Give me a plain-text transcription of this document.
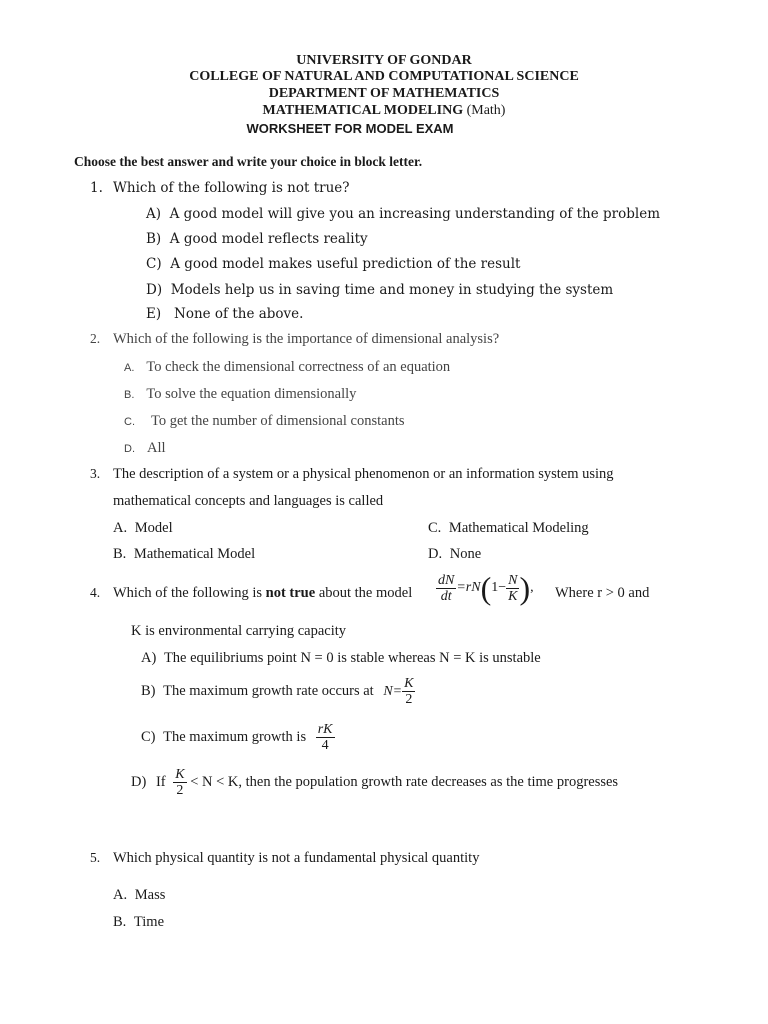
UNIVERSITY OF GONDAR
COLLEGE OF NATURAL AND COMPUTATIONAL SCIENCE
DEPARTMENT OF MATHEMATICS
MATHEMATICAL MODELING (Math)
WORKSHEET FOR MODEL EXAM
Choose the best answer and write your choice in block letter.
1. Which of the following is not true?
A) A good model will give you an increasing understanding of the problem
B) A good model reflects reality
C) A good model makes useful prediction of the result
D) Models help us in saving time and money in studying the system
E) None of the above.
2. Which of the following is the importance of dimensional analysis?
A. To check the dimensional correctness of an equation
B. To solve the equation dimensionally
C. To get the number of dimensional constants
D. All
3. The description of a system or a physical phenomenon or an information system using
mathematical concepts and languages is called
A. Model
B. Mathematical Model
C. Mathematical Modeling
D. None
4. Which of the following is not true about the model $\frac{dN}{dt} =rN(1- \frac{N}{K}$ ), Where r > 0 and
K is environmental carrying capacity
A) The equilibriums point N = 0 is stable whereas N = K is unstable
B) The maximum growth rate occurs at $N= \frac{K}{2}$
C) The maximum growth is $\frac{rK}{4}$
D) If $\frac{K}{2} < N < K$, then the population growth rate decreases as the time progresses
5. Which physical quantity is not a fundamental physical quantity
A. Mass
B. Time
